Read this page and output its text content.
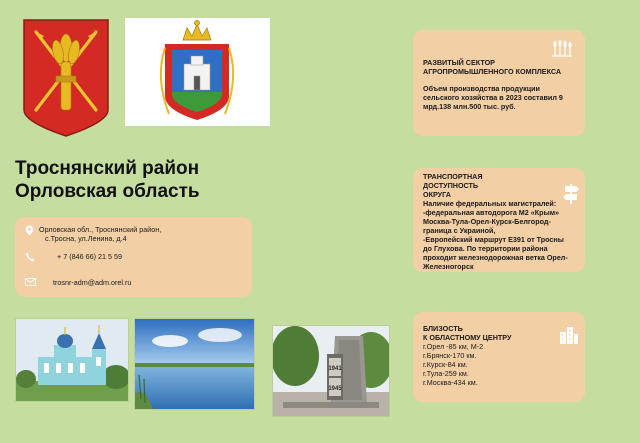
Троснянский район
Орловская область
Орловская обл., Троснянский район,
с.Тросна, ул.Ленина, д.4
+ 7 (846 66) 21 5 59
trosnr-adm@adm.orel.ru
1941
1945
РАЗВИТЫЙ СЕКТОР
АГРОПРОМЫШЛЕННОГО КОМПЛЕКСА
Объем производства продукции
сельского хозяйства в 2023 составил 9
мрд.138 млн.500 тыс. руб.
ТРАНСПОРТНАЯ
ДОСТУПНОСТЬ
ОКРУГА
Наличие федеральных магистралей:
-федеральная автодорога М2 «Крым»
Москва-Тула-Орел-Курск-Белгород-
граница с Украиной,
-Европейский маршрут Е391 от Тросны
до Глухова. По территории района
проходит железнодорожная ветка Орел-
Железногорск
БЛИЗОСТЬ
К ОБЛАСТНОМУ ЦЕНТРУ
г.Орел -85 км, М-2
г.Брянск-170 км.
г.Курск-84 км.
г.Тула-259 км.
г.Москва-434 км.
